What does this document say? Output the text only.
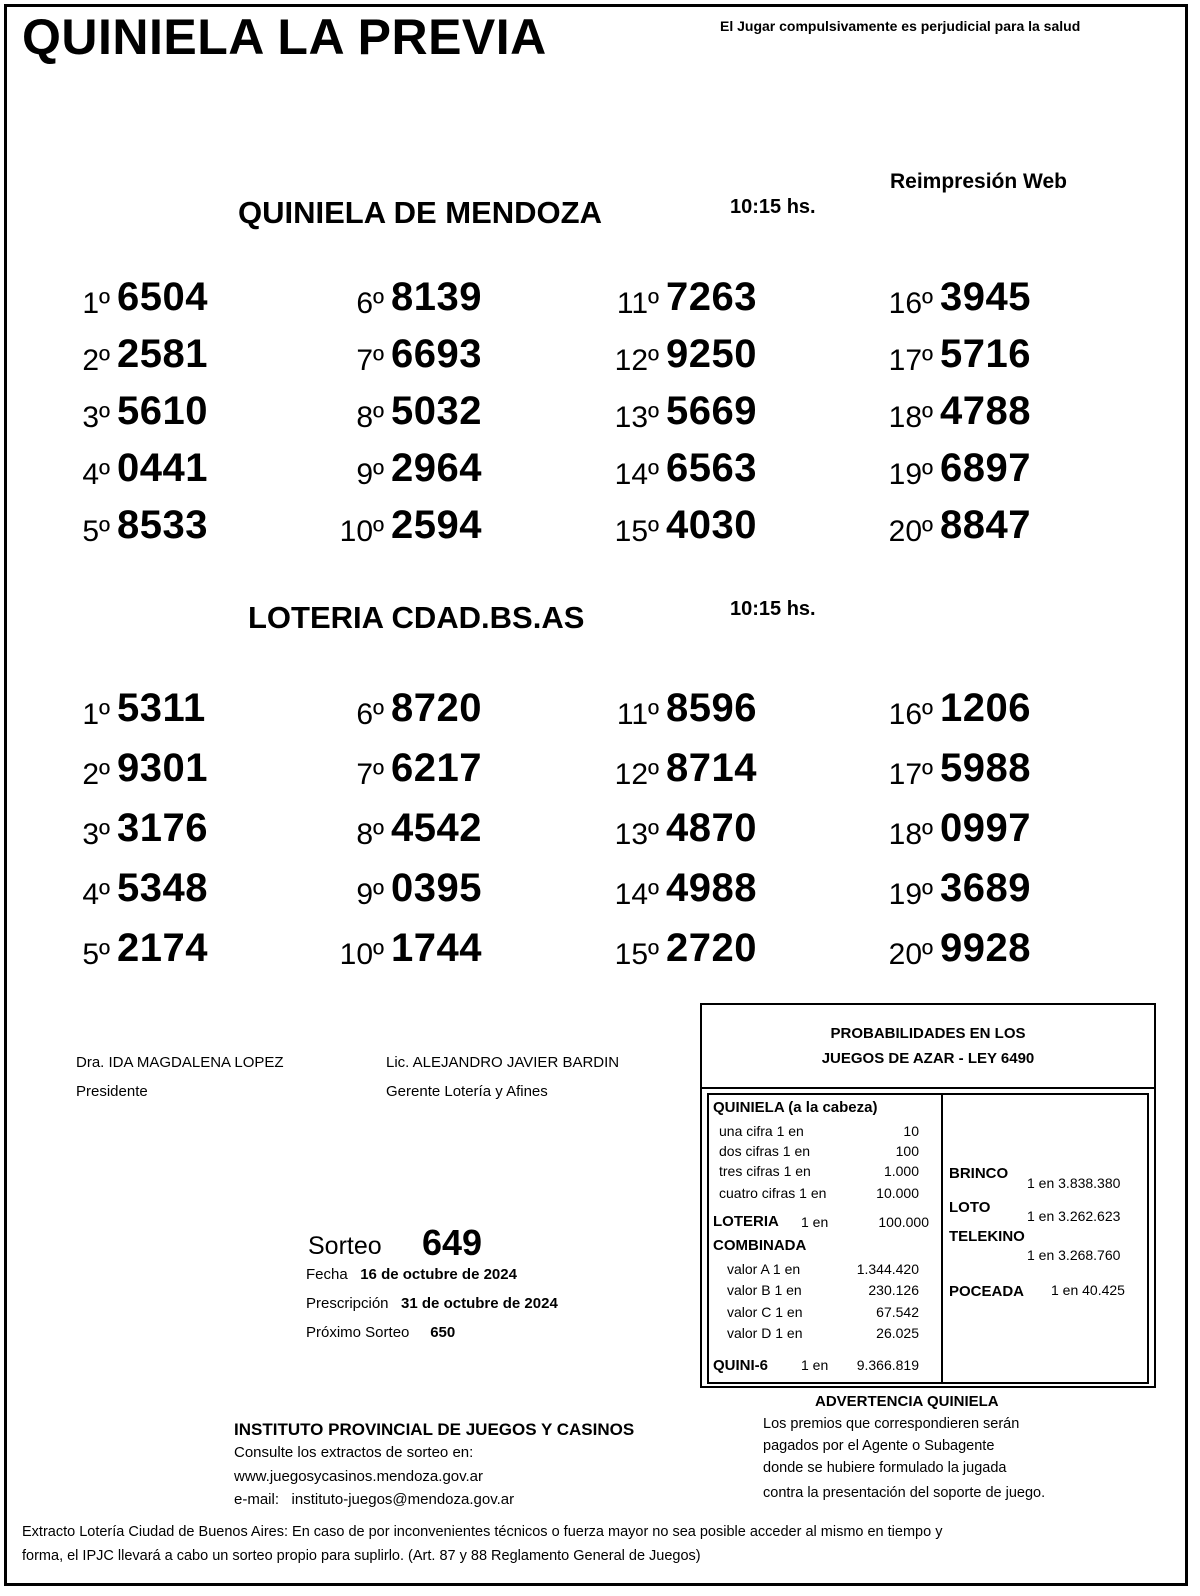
QUINIELA LA PREVIA	El Jugar compulsivamente es perjudicial para la salud
Reimpresión Web
QUINIELA DE MENDOZA	10:15 hs.
1º 6504
2º 2581
3º 5610
4º 0441
5º 8533
6º 8139
7º 6693
8º 5032
9º 2964
10º 2594
11º 7263
12º 9250
13º 5669
14º 6563
15º 4030
16º 3945
17º 5716
18º 4788
19º 6897
20º 8847
LOTERIA CDAD.BS.AS	10:15 hs.
1º 5311
2º 9301
3º 3176
4º 5348
5º 2174
6º 8720
7º 6217
8º 4542
9º 0395
10º 1744
11º 8596
12º 8714
13º 4870
14º 4988
15º 2720
16º 1206
17º 5988
18º 0997
19º 3689
20º 9928
Dra. IDA MAGDALENA LOPEZ
Presidente
Lic. ALEJANDRO JAVIER BARDIN
Gerente Lotería y Afines
Sorteo 649
Fecha 16 de octubre de 2024
Prescripción 31 de octubre de 2024
Próximo Sorteo 650
PROBABILIDADES EN LOS
JUEGOS DE AZAR - LEY 6490
QUINIELA (a la cabeza)
una cifra 1 en	10
dos cifras 1 en	100
tres cifras 1 en	1.000
cuatro cifras 1 en	10.000
LOTERIA 1 en	100.000
COMBINADA
valor A 1 en	1.344.420
valor B 1 en	230.126
valor C 1 en	67.542
valor D 1 en	26.025
QUINI-6 1 en 9.366.819
BRINCO
1 en 3.838.380
LOTO	1 en 3.262.623
TELEKINO
1 en 3.268.760
POCEADA 1 en 40.425
ADVERTENCIA QUINIELA
Los premios que correspondieren serán
pagados por el Agente o Subagente
donde se hubiere formulado la jugada
contra la presentación del soporte de juego.
INSTITUTO PROVINCIAL DE JUEGOS Y CASINOS
Consulte los extractos de sorteo en:
www.juegosycasinos.mendoza.gov.ar
e-mail: instituto-juegos@mendoza.gov.ar
Extracto Lotería Ciudad de Buenos Aires: En caso de por inconvenientes técnicos o fuerza mayor no sea posible acceder al mismo en tiempo y
forma, el IPJC llevará a cabo un sorteo propio para suplirlo. (Art. 87 y 88 Reglamento General de Juegos)
